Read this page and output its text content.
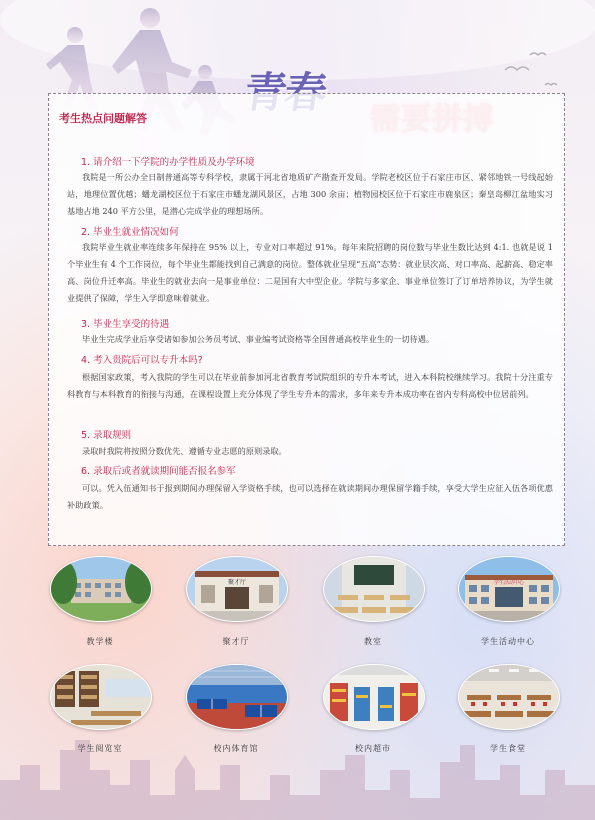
考生热点问题解答
1. 请介绍一下学院的办学性质及办学环境

我院是一所公办全日制普通高等专科学校，隶属于河北省地质矿产勘查开发局。学院老校区位于石家庄市区、紧邻地铁一号线起始站，地理位置优越；蟠龙湖校区位于石家庄市蟠龙湖风景区，占地 300 余亩；植物园校区位于石家庄市鹿泉区；秦皇岛柳江盆地实习基地占地 240 平方公里，是潜心完成学业的理想场所。

2. 毕业生就业情况如何

我院毕业生就业率连续多年保持在 95% 以上，专业对口率超过 91%。每年来院招聘的岗位数与毕业生数比达到 4:1. 也就是说 1 个毕业生有 4 个工作岗位，每个毕业生都能找到自己满意的岗位。整体就业呈现“五高”态势：就业层次高、对口率高、起薪高、稳定率高、岗位升迁率高。毕业生的就业去向一是事业单位：二是国有大中型企业。学院与多家企、事业单位签订了订单培养协议，为学生就业提供了保障，学生入学即意味着就业。

3. 毕业生享受的待遇

毕业生完成学业后享受诸如参加公务员考试、事业编考试资格等全国普通高校毕业生的一切待遇。

4. 考入贵院后可以专升本吗?

根据国家政策，考入我院的学生可以在毕业前参加河北省教育考试院组织的专升本考试，进入本科院校继续学习。我院十分注重专科教育与本科教育的衔接与沟通，在课程设置上充分体现了学生专升本的需求，多年来专升本成功率在省内专科高校中位居前列。

5. 录取规则

录取时我院将按照分数优先、遵循专业志愿的原则录取。

6. 录取后或者就读期间能否报名参军

可以。凭入伍通知书于报到期间办理保留入学资格手续，也可以选择在就读期间办理保留学籍手续，享受大学生应征入伍各项优惠补助政策。

教学楼
聚才厅
聚才厅	教室
学生活动中心
学生活动中心
学生阅览室	校内体育馆	校内超市	学生食堂
